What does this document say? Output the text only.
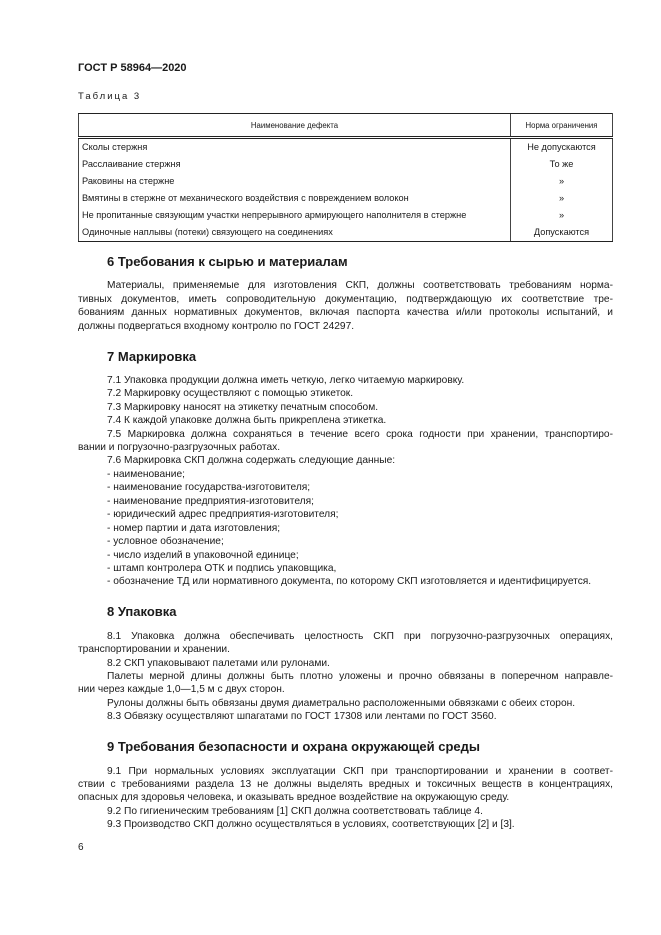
ГОСТ Р 58964—2020
Таблица 3
Наименование дефекта	Норма ограничения
Сколы стержня	Не допускаются
Расслаивание стержня	То же
Раковины на стержне	»
Вмятины в стержне от механического воздействия с повреждением волокон	»
Не пропитанные связующим участки непрерывного армирующего наполнителя в стержне	»
Одиночные наплывы (потеки) связующего на соединениях	Допускаются
6 Требования к сырью и материалам
Материалы, применяемые для изготовления СКП, должны соответствовать требованиям норма-
тивных документов, иметь сопроводительную документацию, подтверждающую их соответствие тре-
бованиям данных нормативных документов, включая паспорта качества и/или протоколы испытаний, и
должны подвергаться входному контролю по ГОСТ 24297.
7 Маркировка
7.1 Упаковка продукции должна иметь четкую, легко читаемую маркировку.
7.2 Маркировку осуществляют с помощью этикеток.
7.3 Маркировку наносят на этикетку печатным способом.
7.4 К каждой упаковке должна быть прикреплена этикетка.
7.5 Маркировка должна сохраняться в течение всего срока годности при хранении, транспортиро-
вании и погрузочно-разгрузочных работах.
7.6 Маркировка СКП должна содержать следующие данные:
- наименование;
- наименование государства-изготовителя;
- наименование предприятия-изготовителя;
- юридический адрес предприятия-изготовителя;
- номер партии и дата изготовления;
- условное обозначение;
- число изделий в упаковочной единице;
- штамп контролера ОТК и подпись упаковщика,
- обозначение ТД или нормативного документа, по которому СКП изготовляется и идентифицируется.
8 Упаковка
8.1 Упаковка должна обеспечивать целостность СКП при погрузочно-разгрузочных операциях,
транспортировании и хранении.
8.2 СКП упаковывают палетами или рулонами.
Палеты мерной длины должны быть плотно уложены и прочно обвязаны в поперечном направле-
нии через каждые 1,0—1,5 м с двух сторон.
Рулоны должны быть обвязаны двумя диаметрально расположенными обвязками с обеих сторон.
8.3 Обвязку осуществляют шпагатами по ГОСТ 17308 или лентами по ГОСТ 3560.
9 Требования безопасности и охрана окружающей среды
9.1 При нормальных условиях эксплуатации СКП при транспортировании и хранении в соответ-
ствии с требованиями раздела 13 не должны выделять вредных и токсичных веществ в концентрациях,
опасных для здоровья человека, и оказывать вредное воздействие на окружающую среду.
9.2 По гигиеническим требованиям [1] СКП должна соответствовать таблице 4.
9.3 Производство СКП должно осуществляться в условиях, соответствующих [2] и [3].
6
